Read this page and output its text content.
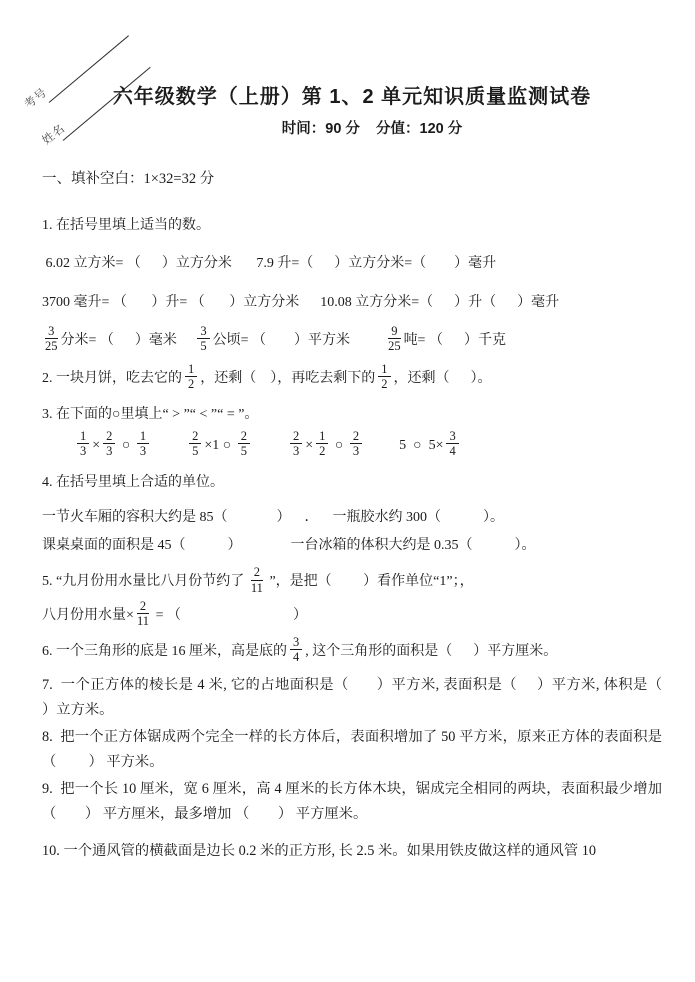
考号
姓名
六年级数学（上册）第 1、2 单元知识质量监测试卷
时间：90 分    分值：120 分
一、填补空白：1×32=32 分
1. 在括号里填上适当的数。
6.02 立方米= （      ）立方分米       7.9 升=（      ）立方分米=（        ）毫升
3700 毫升= （       ）升= （       ）立方分米      10.08 立方分米=（      ）升（      ）毫升
$\frac{3}{25}$ 分米= （      ）毫米 $\frac{3}{5}$ 公顷= （        ）平方米 $\frac{9}{25}$ 吨= （      ）千克
2. 一块月饼，吃去它的 $\frac{1}{2}$ ，还剩（    ），再吃去剩下的 $\frac{1}{2}$ ，还剩（      ）。
3. 在下面的○里填上“ > ”“ < ”“ = ”。
$\frac{1}{3} \times \frac{2}{3}$ ○ $\frac{1}{3}$	$\frac{2}{5} \times 1$ ○ $\frac{2}{5}$	$\frac{2}{3} \times \frac{1}{2}$ ○ $\frac{2}{3}$	5  ○  $5\times \frac{3}{4}$
4. 在括号里填上合适的单位。
一节火车厢的容积大约是 85（              ）    ．    一瓶胶水约 300（            ）。
课桌桌面的面积是 45（            ）              一台冰箱的体积大约是 0.35（            ）。
5. “九月份用水量比八月份节约了 $\frac{2}{11}$ ”，是把（         ）看作单位“1”；，
八月份用水量× $\frac{2}{11}$ = （                                ）
6. 一个三角形的底是 16 厘米，高是底的 $\frac{3}{4}$ , 这个三角形的面积是（      ）平方厘米。
7.  一个正方体的棱长是 4 米, 它的占地面积是（       ）平方米, 表面积是（     ）平方米, 体积是（       ）立方米。
8.  把一个正方体锯成两个完全一样的长方体后，表面积增加了 50 平方米，原来正方体的表面积是 （         ） 平方米。
9.  把一个长 10 厘米，宽 6 厘米，高 4 厘米的长方体木块，锯成完全相同的两块，表面积最少增加 （        ） 平方厘米，最多增加 （        ） 平方厘米。
10. 一个通风管的横截面是边长 0.2 米的正方形, 长 2.5 米。如果用铁皮做这样的通风管 10
